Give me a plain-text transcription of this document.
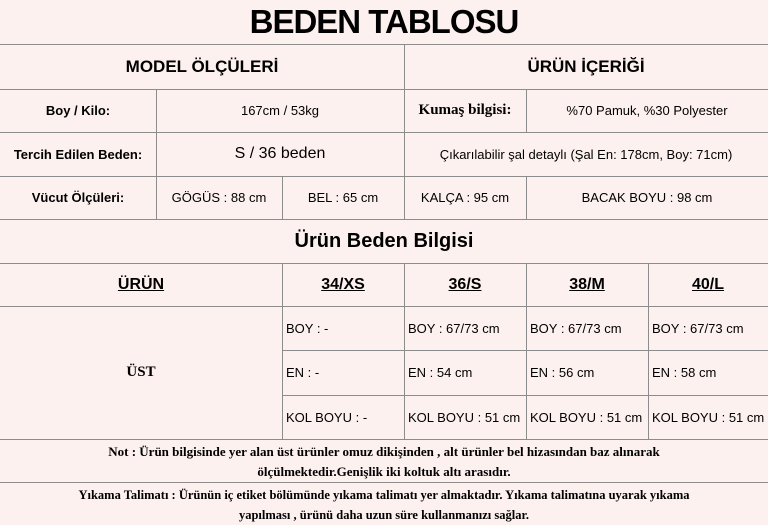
BEDEN TABLOSU
MODEL ÖLÇÜLERİ	ÜRÜN İÇERİĞİ
Boy / Kilo:	167cm / 53kg	Kumaş bilgisi:	%70 Pamuk, %30 Polyester
Tercih Edilen Beden:	S / 36 beden	Çıkarılabilir şal detaylı (Şal En: 178cm, Boy: 71cm)
Vücut Ölçüleri:	GÖGÜS : 88 cm	BEL : 65 cm	KALÇA : 95 cm	BACAK BOYU : 98 cm
Ürün Beden Bilgisi
ÜRÜN	34/XS	36/S	38/M	40/L
ÜST
BOY : -	BOY : 67/73 cm	BOY : 67/73 cm	BOY : 67/73 cm
EN : -	EN : 54 cm	EN : 56 cm	EN : 58 cm
KOL BOYU : -	KOL BOYU : 51 cm KOL BOYU : 51 cm KOL BOYU : 51 cm
Not : Ürün bilgisinde yer alan üst ürünler omuz dikişinden , alt ürünler bel hizasından baz alınarak
ölçülmektedir.Genişlik iki koltuk altı arasıdır.
Yıkama Talimatı : Ürünün iç etiket bölümünde yıkama talimatı yer almaktadır. Yıkama talimatına uyarak yıkama
yapılması , ürünü daha uzun süre kullanmanızı sağlar.
